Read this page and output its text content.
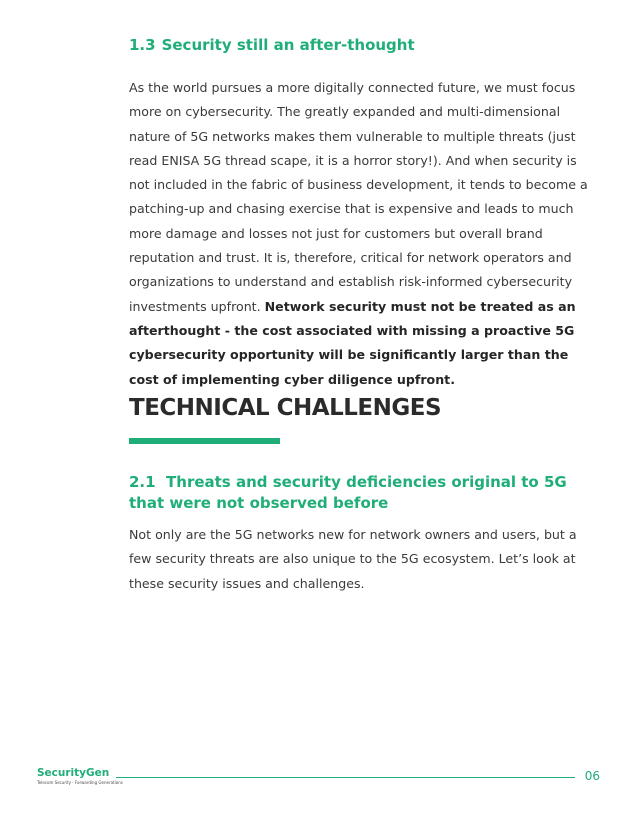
1.3 Security still an after-thought

As the world pursues a more digitally connected future, we must focus more on cybersecurity. The greatly expanded and multi-dimensional nature of 5G networks makes them vulnerable to multiple threats (just read ENISA 5G thread scape, it is a horror story!). And when security is not included in the fabric of business development, it tends to become a patching-up and chasing exercise that is expensive and leads to much more damage and losses not just for customers but overall brand reputation and trust. It is, therefore, critical for network operators and organizations to understand and establish risk-informed cybersecurity investments upfront. Network security must not be treated as an afterthought - the cost associated with missing a proactive 5G cybersecurity opportunity will be significantly larger than the cost of implementing cyber diligence upfront.

TECHNICAL CHALLENGES
2.1 Threats and security deficiencies original to 5G that were not observed before

Not only are the 5G networks new for network owners and users, but a few security threats are also unique to the 5G ecosystem. Let’s look at these security issues and challenges.

SecurityGen
Telecom Security · Forwarding Generations	06
